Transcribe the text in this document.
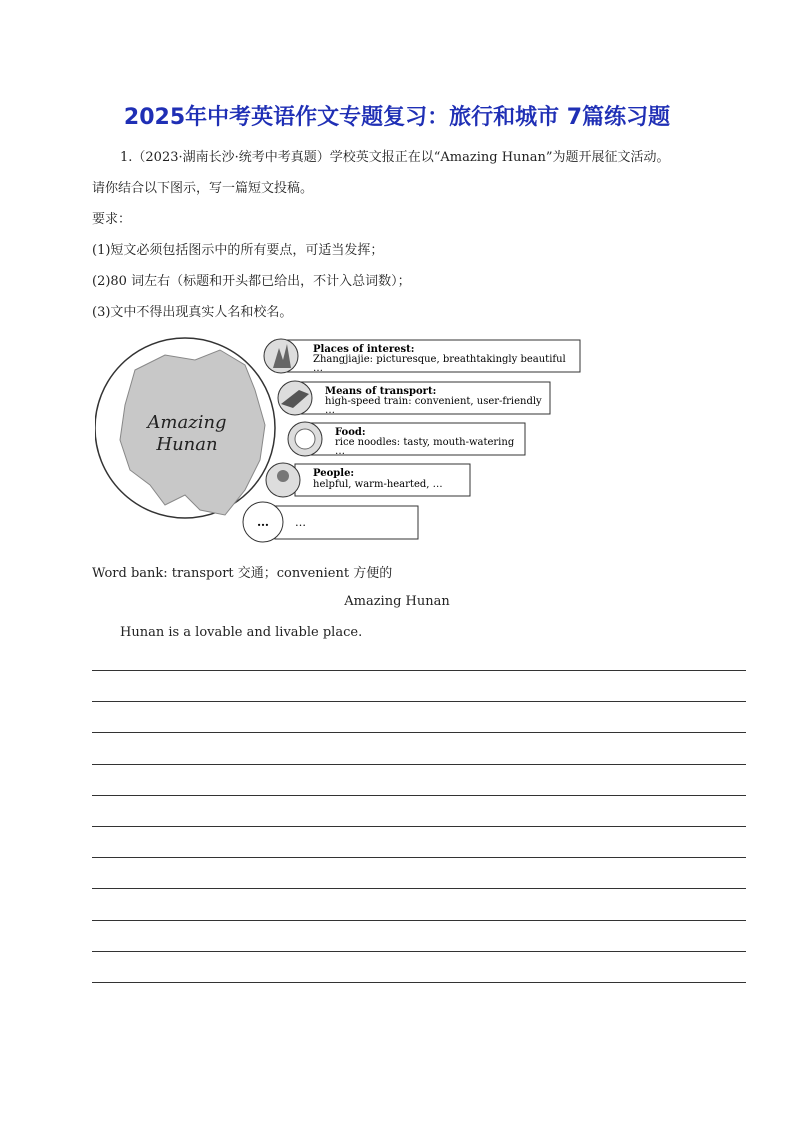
2025年中考英语作文专题复习：旅行和城市 7篇练习题
1.（2023·湖南长沙·统考中考真题）学校英文报正在以“Amazing Hunan”为题开展征文活动。
请你结合以下图示，写一篇短文投稿。
要求：
(1)短文必须包括图示中的所有要点，可适当发挥；
(2)80 词左右（标题和开头都已给出，不计入总词数）；
(3)文中不得出现真实人名和校名。
Amazing
Hunan
Places of interest:
Zhangjiajie: picturesque, breathtakingly beautiful
…
Means of transport:
high-speed train: convenient, user-friendly
…
Food:
rice noodles: tasty, mouth-watering
…
People:
helpful, warm-hearted, …
… …
Word bank: transport 交通；convenient 方便的
Amazing Hunan
Hunan is a lovable and livable place.
